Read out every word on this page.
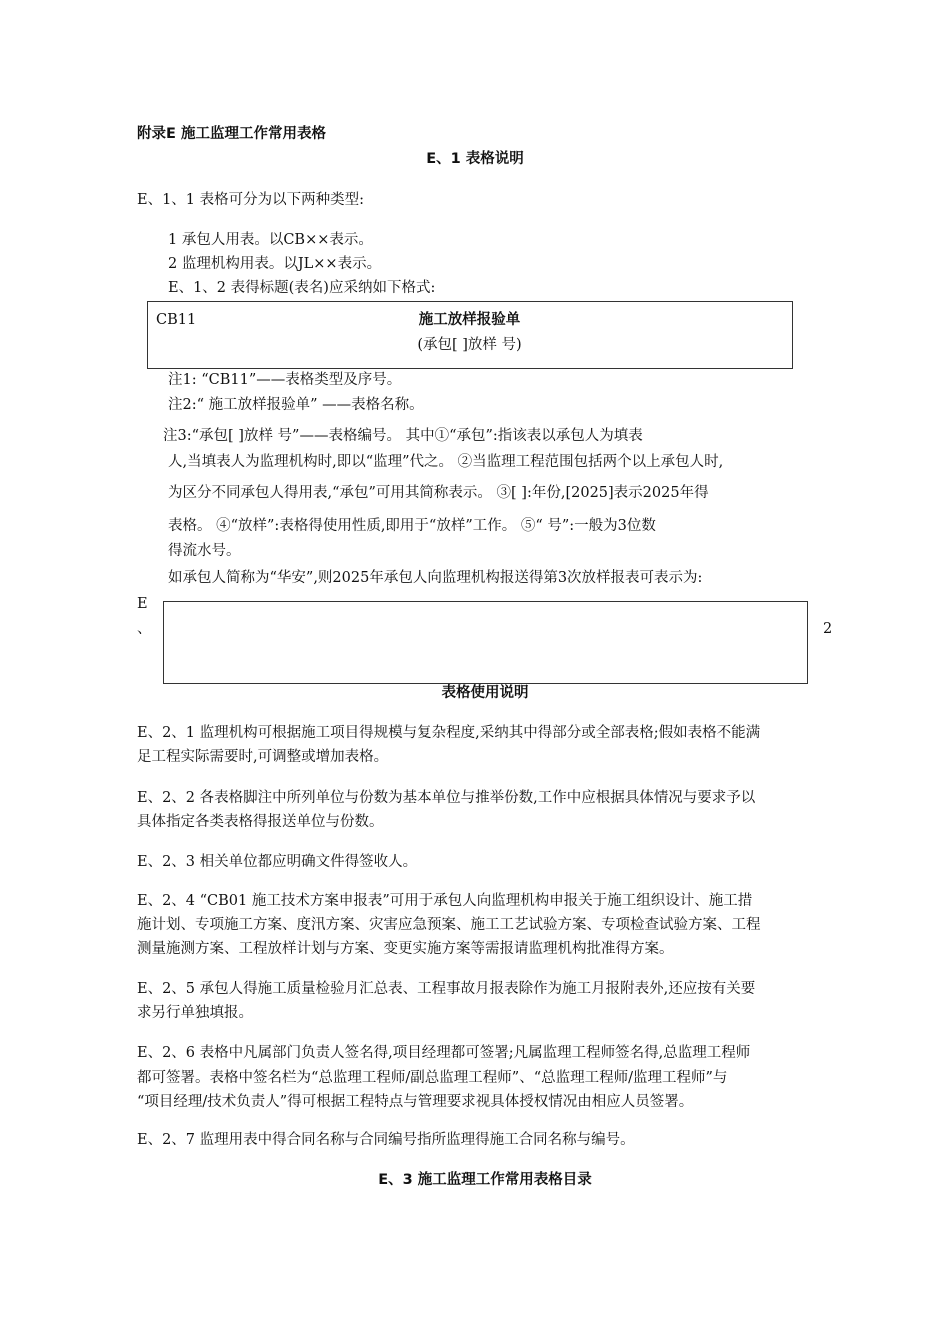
附录E 施工监理工作常用表格
E、1 表格说明
E、1、1 表格可分为以下两种类型:
1 承包人用表。以CB××表示。
2 监理机构用表。以JL××表示。
E、1、2 表得标题(表名)应采纳如下格式:
CB11	施工放样报验单
(承包[ ]放样 号)
注1: “CB11”——表格类型及序号。
注2:“ 施工放样报验单” ——表格名称。
注3:“承包[ ]放样 号”——表格编号。 其中①“承包”:指该表以承包人为填表
人,当填表人为监理机构时,即以“监理”代之。 ②当监理工程范围包括两个以上承包人时,
为区分不同承包人得用表,“承包”可用其简称表示。 ③[ ]:年份,[2025]表示2025年得
表格。 ④“放样”:表格得使用性质,即用于“放样”工作。 ⑤“ 号”:一般为3位数
得流水号。
如承包人简称为“华安”,则2025年承包人向监理机构报送得第3次放样报表可表示为:
E
、	2
表格使用说明
E、2、1 监理机构可根据施工项目得规模与复杂程度,采纳其中得部分或全部表格;假如表格不能满
足工程实际需要时,可调整或增加表格。
E、2、2 各表格脚注中所列单位与份数为基本单位与推举份数,工作中应根据具体情况与要求予以
具体指定各类表格得报送单位与份数。
E、2、3 相关单位都应明确文件得签收人。
E、2、4 “CB01 施工技术方案申报表”可用于承包人向监理机构申报关于施工组织设计、施工措
施计划、专项施工方案、度汛方案、灾害应急预案、施工工艺试验方案、专项检查试验方案、工程
测量施测方案、工程放样计划与方案、变更实施方案等需报请监理机构批准得方案。
E、2、5 承包人得施工质量检验月汇总表、工程事故月报表除作为施工月报附表外,还应按有关要
求另行单独填报。
E、2、6 表格中凡属部门负责人签名得,项目经理都可签署;凡属监理工程师签名得,总监理工程师
都可签署。表格中签名栏为“总监理工程师/副总监理工程师”、“总监理工程师/监理工程师”与
“项目经理/技术负责人”得可根据工程特点与管理要求视具体授权情况由相应人员签署。
E、2、7 监理用表中得合同名称与合同编号指所监理得施工合同名称与编号。
E、3 施工监理工作常用表格目录
